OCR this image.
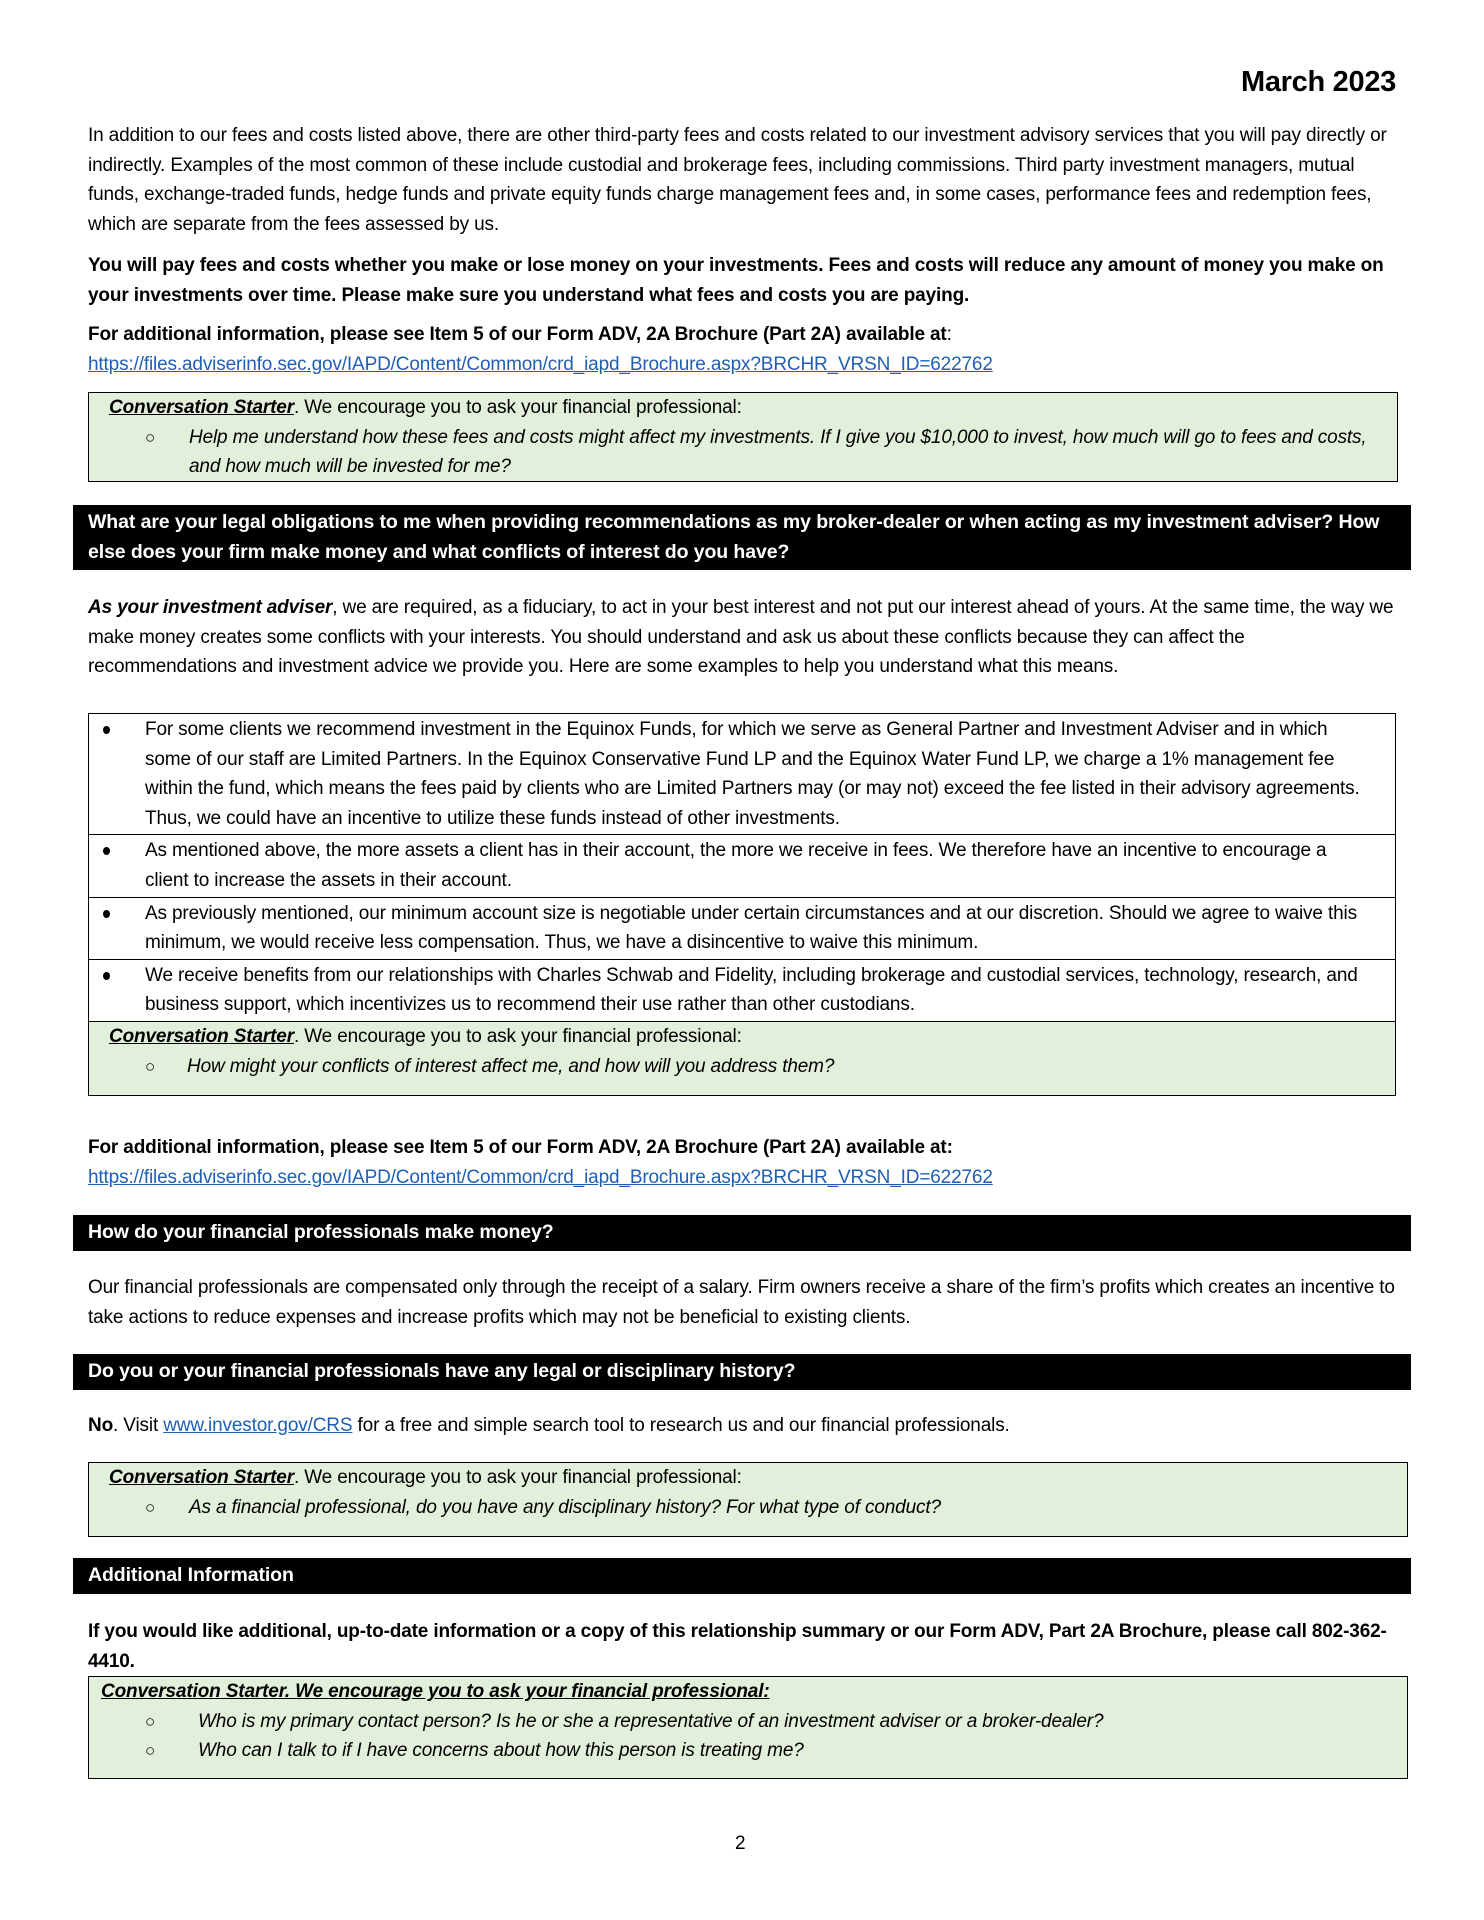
March 2023
In addition to our fees and costs listed above, there are other third-party fees and costs related to our investment advisory services that you will pay directly or indirectly. Examples of the most common of these include custodial and brokerage fees, including commissions. Third party investment managers, mutual funds, exchange-traded funds, hedge funds and private equity funds charge management fees and, in some cases, performance fees and redemption fees, which are separate from the fees assessed by us.
You will pay fees and costs whether you make or lose money on your investments. Fees and costs will reduce any amount of money you make on your investments over time. Please make sure you understand what fees and costs you are paying.
For additional information, please see Item 5 of our Form ADV, 2A Brochure (Part 2A) available at:
https://files.adviserinfo.sec.gov/IAPD/Content/Common/crd_iapd_Brochure.aspx?BRCHR_VRSN_ID=622762
Conversation Starter. We encourage you to ask your financial professional:
○ Help me understand how these fees and costs might affect my investments. If I give you $10,000 to invest, how much will go to fees and costs, and how much will be invested for me?
What are your legal obligations to me when providing recommendations as my broker-dealer or when acting as my investment adviser? How else does your firm make money and what conflicts of interest do you have?
As your investment adviser, we are required, as a fiduciary, to act in your best interest and not put our interest ahead of yours. At the same time, the way we make money creates some conflicts with your interests. You should understand and ask us about these conflicts because they can affect the recommendations and investment advice we provide you. Here are some examples to help you understand what this means.
For some clients we recommend investment in the Equinox Funds, for which we serve as General Partner and Investment Adviser and in which some of our staff are Limited Partners. In the Equinox Conservative Fund LP and the Equinox Water Fund LP, we charge a 1% management fee within the fund, which means the fees paid by clients who are Limited Partners may (or may not) exceed the fee listed in their advisory agreements. Thus, we could have an incentive to utilize these funds instead of other investments.
As mentioned above, the more assets a client has in their account, the more we receive in fees. We therefore have an incentive to encourage a client to increase the assets in their account.
As previously mentioned, our minimum account size is negotiable under certain circumstances and at our discretion. Should we agree to waive this minimum, we would receive less compensation. Thus, we have a disincentive to waive this minimum.
We receive benefits from our relationships with Charles Schwab and Fidelity, including brokerage and custodial services, technology, research, and business support, which incentivizes us to recommend their use rather than other custodians.
Conversation Starter. We encourage you to ask your financial professional:
○ How might your conflicts of interest affect me, and how will you address them?
For additional information, please see Item 5 of our Form ADV, 2A Brochure (Part 2A) available at:
https://files.adviserinfo.sec.gov/IAPD/Content/Common/crd_iapd_Brochure.aspx?BRCHR_VRSN_ID=622762
How do your financial professionals make money?
Our financial professionals are compensated only through the receipt of a salary. Firm owners receive a share of the firm’s profits which creates an incentive to take actions to reduce expenses and increase profits which may not be beneficial to existing clients.
Do you or your financial professionals have any legal or disciplinary history?
No. Visit www.investor.gov/CRS for a free and simple search tool to research us and our financial professionals.
Conversation Starter. We encourage you to ask your financial professional:
○ As a financial professional, do you have any disciplinary history? For what type of conduct?
Additional Information
If you would like additional, up-to-date information or a copy of this relationship summary or our Form ADV, Part 2A Brochure, please call 802-362-4410.
Conversation Starter. We encourage you to ask your financial professional:
○ Who is my primary contact person? Is he or she a representative of an investment adviser or a broker-dealer?
○ Who can I talk to if I have concerns about how this person is treating me?
2
